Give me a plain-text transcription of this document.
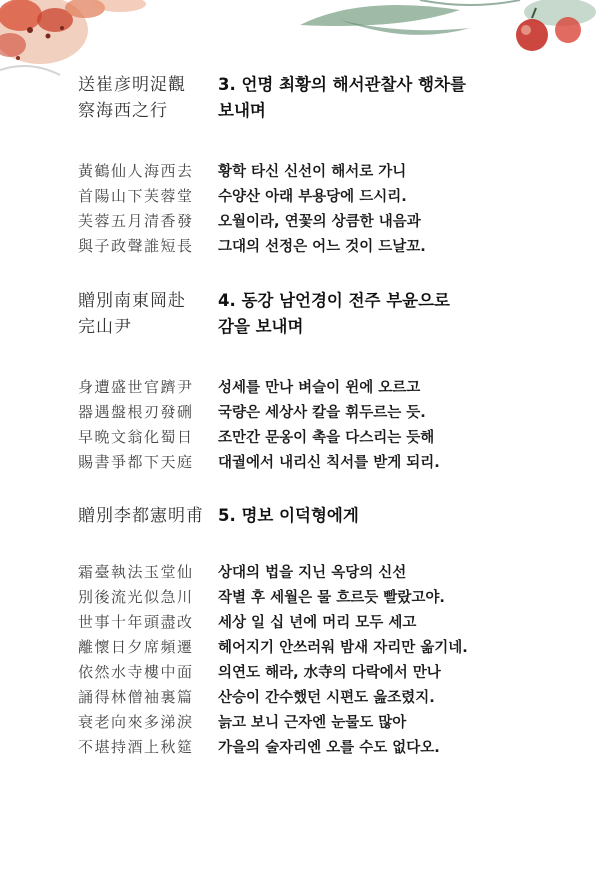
送崔彦明浞觀
察海西之行
3. 언명 최황의 해서관찰사 행차를
보내며
黃鶴仙人海西去	황학 타신 신선이 해서로 가니
首陽山下芙蓉堂	수양산 아래 부용당에 드시리.
芙蓉五月清香發	오월이라, 연꽃의 상큼한 내음과
與子政聲誰短長	그대의 선정은 어느 것이 드날꼬.
贈別南東岡赴
完山尹
4. 동강 남언경이 전주 부윤으로
감을 보내며
身遭盛世官躋尹	성세를 만나 벼슬이 윈에 오르고
器遇盤根刃發硎	국량은 세상사 칼을 휘두르는 듯.
早晩文翁化蜀日	조만간 문옹이 촉을 다스리는 듯해
賜書爭都下天庭	대궐에서 내리신 칙서를 받게 되리.
贈別李都憲明甫 5. 명보 이덕형에게
霜臺執法玉堂仙	상대의 법을 지닌 옥당의 신선
別後流光似急川	작별 후 세월은 물 흐르듯 빨랐고야.
世事十年頭盡改	세상 일 십 년에 머리 모두 세고
離懷日夕席頻遷	헤어지기 안쓰러워 밤새 자리만 옮기네.
依然水寺樓中面	의연도 해라, 水寺의 다락에서 만나
誦得林僧袖裏篇	산승이 간수했던 시편도 읊조렸지.
衰老向來多涕淚	늙고 보니 근자엔 눈물도 많아
不堪持酒上秋筵	가을의 술자리엔 오를 수도 없다오.
